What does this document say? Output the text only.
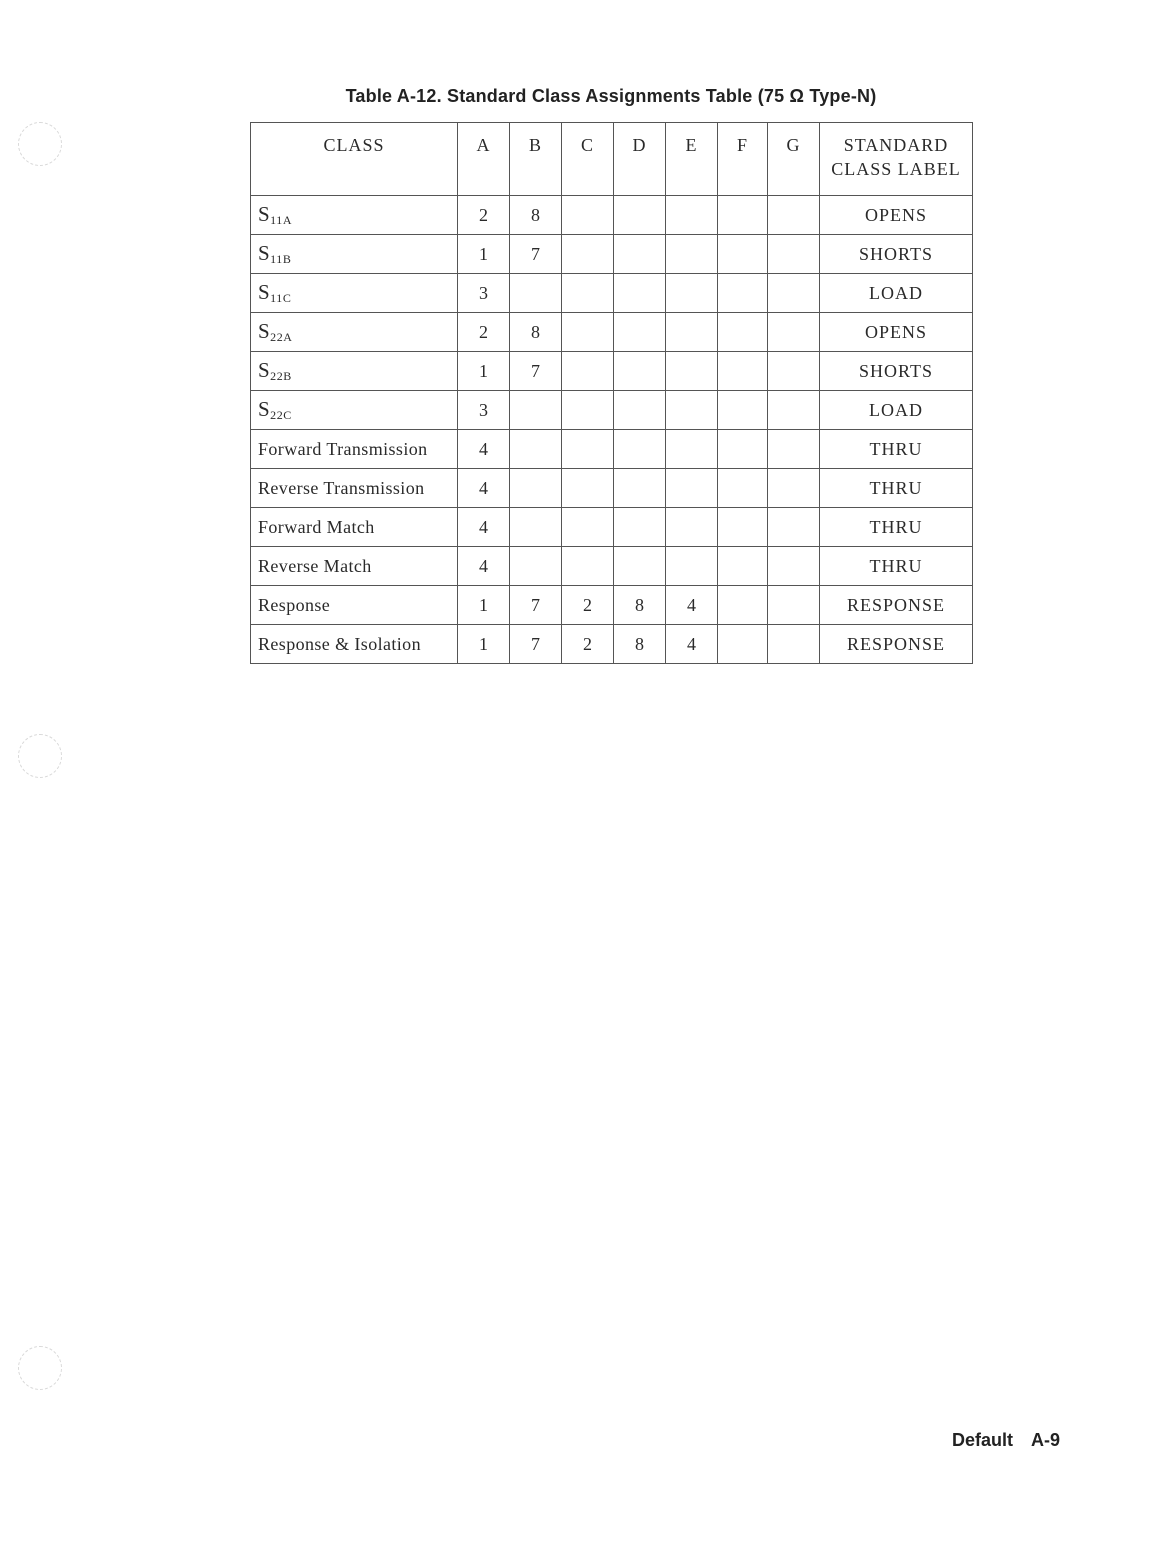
Table A-12. Standard Class Assignments Table (75 Ω Type-N)
CLASS	A	B	C	D	E	F	G	STANDARD
CLASS LABEL
S11A	2	8						OPENS
S11B	1	7						SHORTS
S11C	3							LOAD
S22A	2	8						OPENS
S22B	1	7						SHORTS
S22C	3							LOAD
Forward Transmission	4							THRU
Reverse Transmission	4							THRU
Forward Match	4							THRU
Reverse Match	4							THRU
Response	1	7	2	8	4			RESPONSE
Response & Isolation	1	7	2	8	4			RESPONSE
Default A-9
